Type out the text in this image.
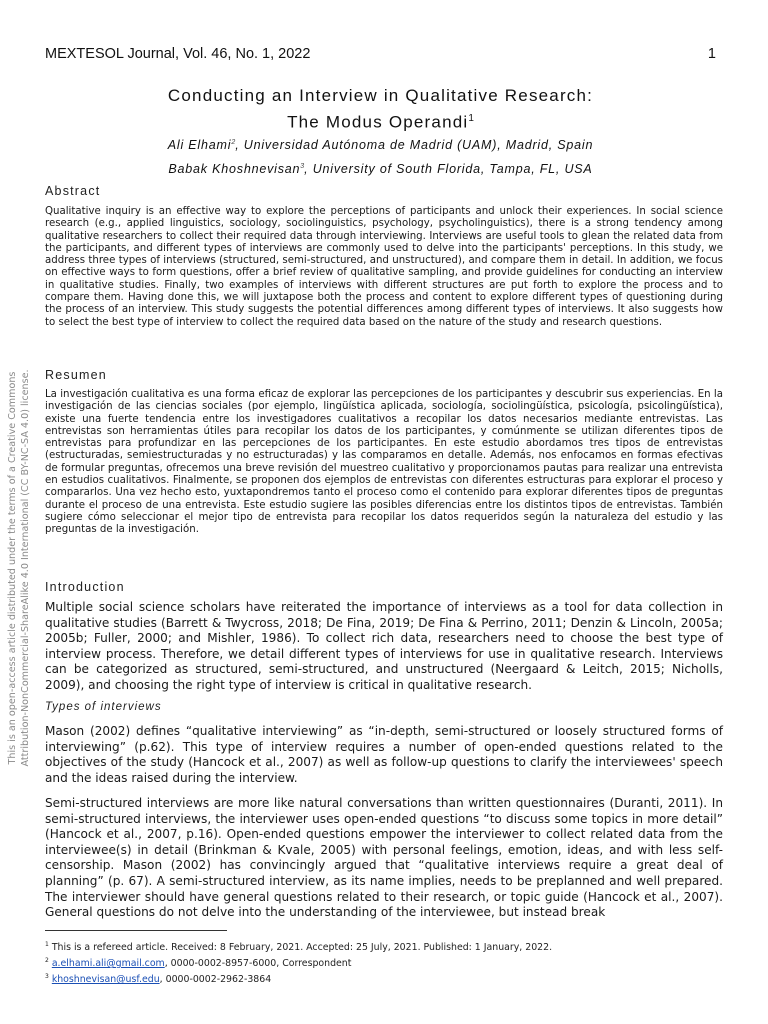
MEXTESOL Journal, Vol. 46, No. 1, 2022	1
Conducting an Interview in Qualitative Research:
The Modus Operandi$^1$
Ali Elhami$^2$, Universidad Autónoma de Madrid (UAM), Madrid, Spain
Babak Khoshnevisan$^3$, University of South Florida, Tampa, FL, USA
Abstract

Qualitative inquiry is an effective way to explore the perceptions of participants and unlock their experiences. In social science research (e.g., applied linguistics, sociology, sociolinguistics, psychology, psycholinguistics), there is a strong tendency among qualitative researchers to collect their required data through interviewing. Interviews are useful tools to glean the related data from the participants, and different types of interviews are commonly used to delve into the participants' perceptions. In this study, we address three types of interviews (structured, semi-structured, and unstructured), and compare them in detail. In addition, we focus on effective ways to form questions, offer a brief review of qualitative sampling, and provide guidelines for conducting an interview in qualitative studies. Finally, two examples of interviews with different structures are put forth to explore the process and to compare them. Having done this, we will juxtapose both the process and content to explore different types of questioning during the process of an interview. This study suggests the potential differences among different types of interviews. It also suggests how to select the best type of interview to collect the required data based on the nature of the study and research questions.

Resumen

La investigación cualitativa es una forma eficaz de explorar las percepciones de los participantes y descubrir sus experiencias. En la investigación de las ciencias sociales (por ejemplo, lingüística aplicada, sociología, sociolingüística, psicología, psicolingüística), existe una fuerte tendencia entre los investigadores cualitativos a recopilar los datos necesarios mediante entrevistas. Las entrevistas son herramientas útiles para recopilar los datos de los participantes, y comúnmente se utilizan diferentes tipos de entrevistas para profundizar en las percepciones de los participantes. En este estudio abordamos tres tipos de entrevistas (estructuradas, semiestructuradas y no estructuradas) y las comparamos en detalle. Además, nos enfocamos en formas efectivas de formular preguntas, ofrecemos una breve revisión del muestreo cualitativo y proporcionamos pautas para realizar una entrevista en estudios cualitativos. Finalmente, se proponen dos ejemplos de entrevistas con diferentes estructuras para explorar el proceso y compararlos. Una vez hecho esto, yuxtapondremos tanto el proceso como el contenido para explorar diferentes tipos de preguntas durante el proceso de una entrevista. Este estudio sugiere las posibles diferencias entre los distintos tipos de entrevistas. También sugiere cómo seleccionar el mejor tipo de entrevista para recopilar los datos requeridos según la naturaleza del estudio y las preguntas de la investigación.

Introduction

Multiple social science scholars have reiterated the importance of interviews as a tool for data collection in qualitative studies (Barrett & Twycross, 2018; De Fina, 2019; De Fina & Perrino, 2011; Denzin & Lincoln, 2005a; 2005b; Fuller, 2000; and Mishler, 1986). To collect rich data, researchers need to choose the best type of interview process. Therefore, we detail different types of interviews for use in qualitative research. Interviews can be categorized as structured, semi-structured, and unstructured (Neergaard & Leitch, 2015; Nicholls, 2009), and choosing the right type of interview is critical in qualitative research.

Types of interviews

Mason (2002) defines “qualitative interviewing” as “in-depth, semi-structured or loosely structured forms of interviewing” (p.62). This type of interview requires a number of open-ended questions related to the objectives of the study (Hancock et al., 2007) as well as follow-up questions to clarify the interviewees' speech and the ideas raised during the interview.

Semi-structured interviews are more like natural conversations than written questionnaires (Duranti, 2011). In semi-structured interviews, the interviewer uses open-ended questions “to discuss some topics in more detail” (Hancock et al., 2007, p.16). Open-ended questions empower the interviewer to collect related data from the interviewee(s) in detail (Brinkman & Kvale, 2005) with personal feelings, emotion, ideas, and with less self-censorship. Mason (2002) has convincingly argued that “qualitative interviews require a great deal of planning” (p. 67). A semi-structured interview, as its name implies, needs to be preplanned and well prepared. The interviewer should have general questions related to their research, or topic guide (Hancock et al., 2007). General questions do not delve into the understanding of the interviewee, but instead break

This is an open-access article distributed under the terms of a Creative Commons Attribution-NonCommercial-ShareAlike 4.0 International (CC BY-NC-SA 4.0) license.
$^1$ This is a refereed article. Received: 8 February, 2021. Accepted: 25 July, 2021. Published: 1 January, 2022.
$^2$ a.elhami.ali@gmail.com, 0000-0002-8957-6000, Correspondent
$^3$ khoshnevisan@usf.edu, 0000-0002-2962-3864
